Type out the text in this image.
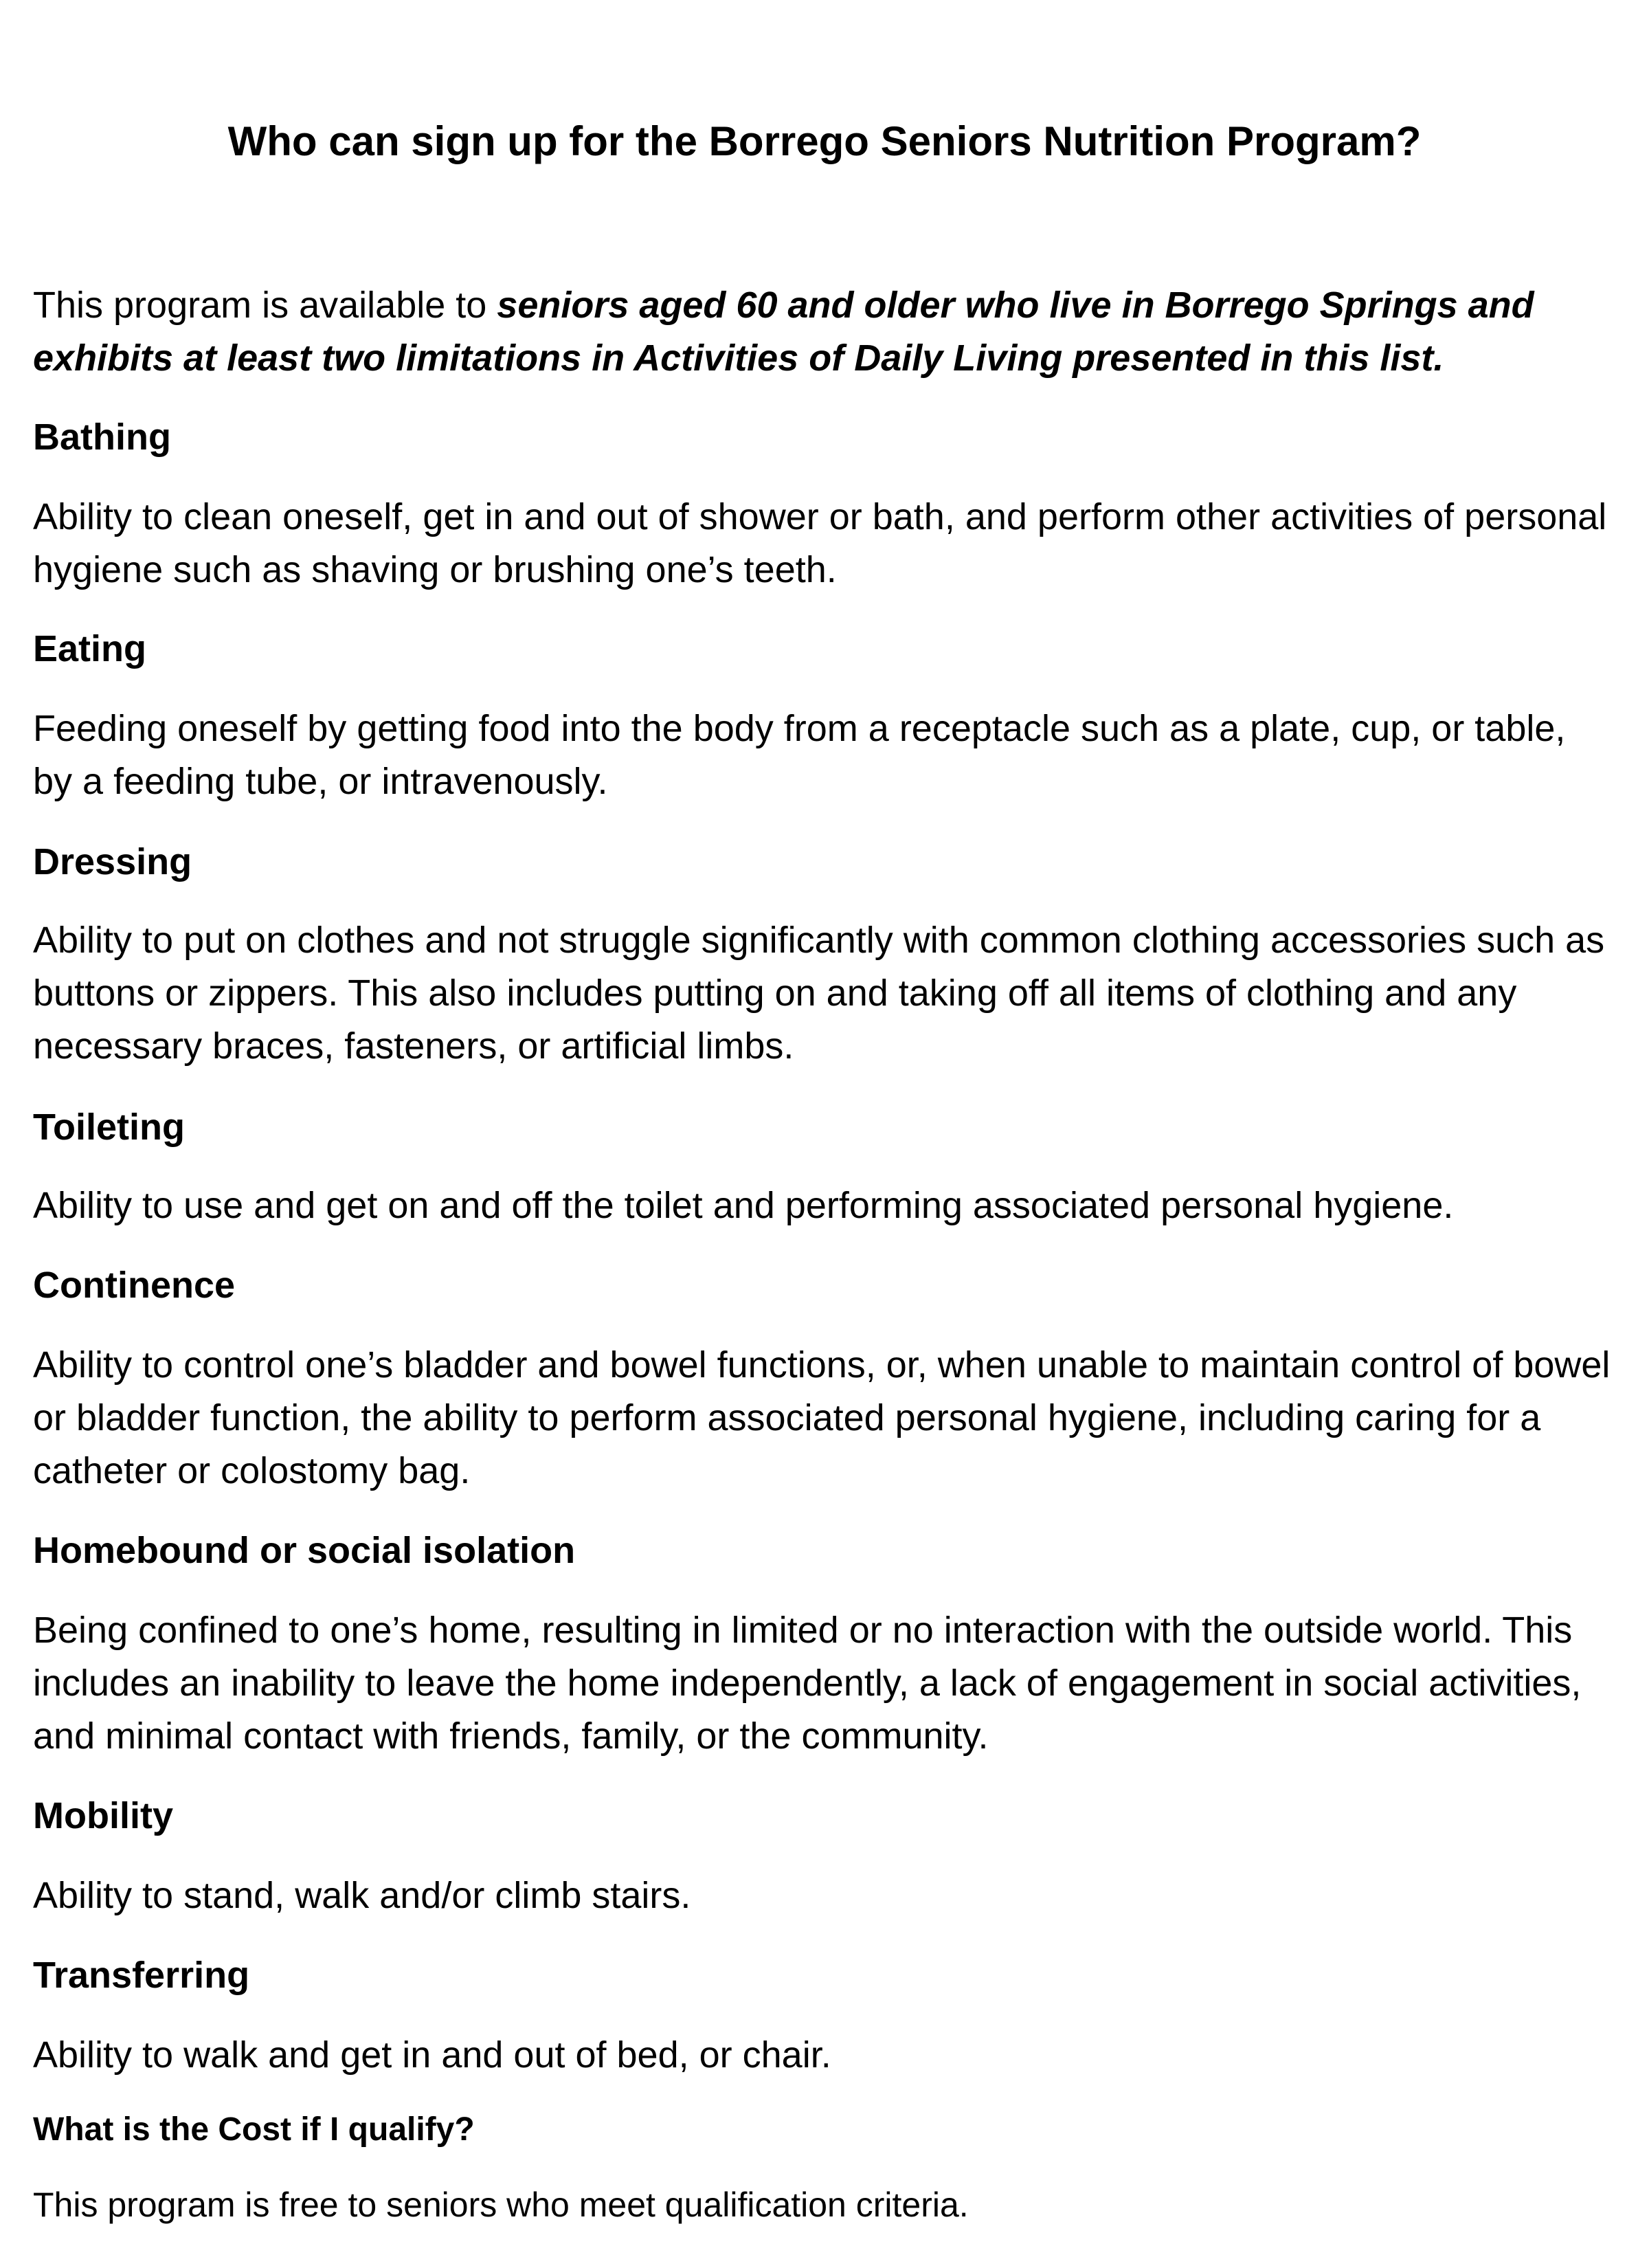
Who can sign up for the Borrego Seniors Nutrition Program?

This program is available to seniors aged 60 and older who live in Borrego Springs and exhibits at least two limitations in Activities of Daily Living presented in this list.

Bathing

Ability to clean oneself, get in and out of shower or bath, and perform other activities of personal hygiene such as shaving or brushing one’s teeth.

Eating

Feeding oneself by getting food into the body from a receptacle such as a plate, cup, or table, by a feeding tube, or intravenously.

Dressing

Ability to put on clothes and not struggle significantly with common clothing accessories such as buttons or zippers. This also includes putting on and taking off all items of clothing and any necessary braces, fasteners, or artificial limbs.

Toileting

Ability to use and get on and off the toilet and performing associated personal hygiene.

Continence

Ability to control one’s bladder and bowel functions, or, when unable to maintain control of bowel or bladder function, the ability to perform associated personal hygiene, including caring for a catheter or colostomy bag.

Homebound or social isolation

Being confined to one’s home, resulting in limited or no interaction with the outside world. This includes an inability to leave the home independently, a lack of engagement in social activities, and minimal contact with friends, family, or the community.

Mobility

Ability to stand, walk and/or climb stairs.

Transferring

Ability to walk and get in and out of bed, or chair.

What is the Cost if I qualify?

This program is free to seniors who meet qualification criteria.
